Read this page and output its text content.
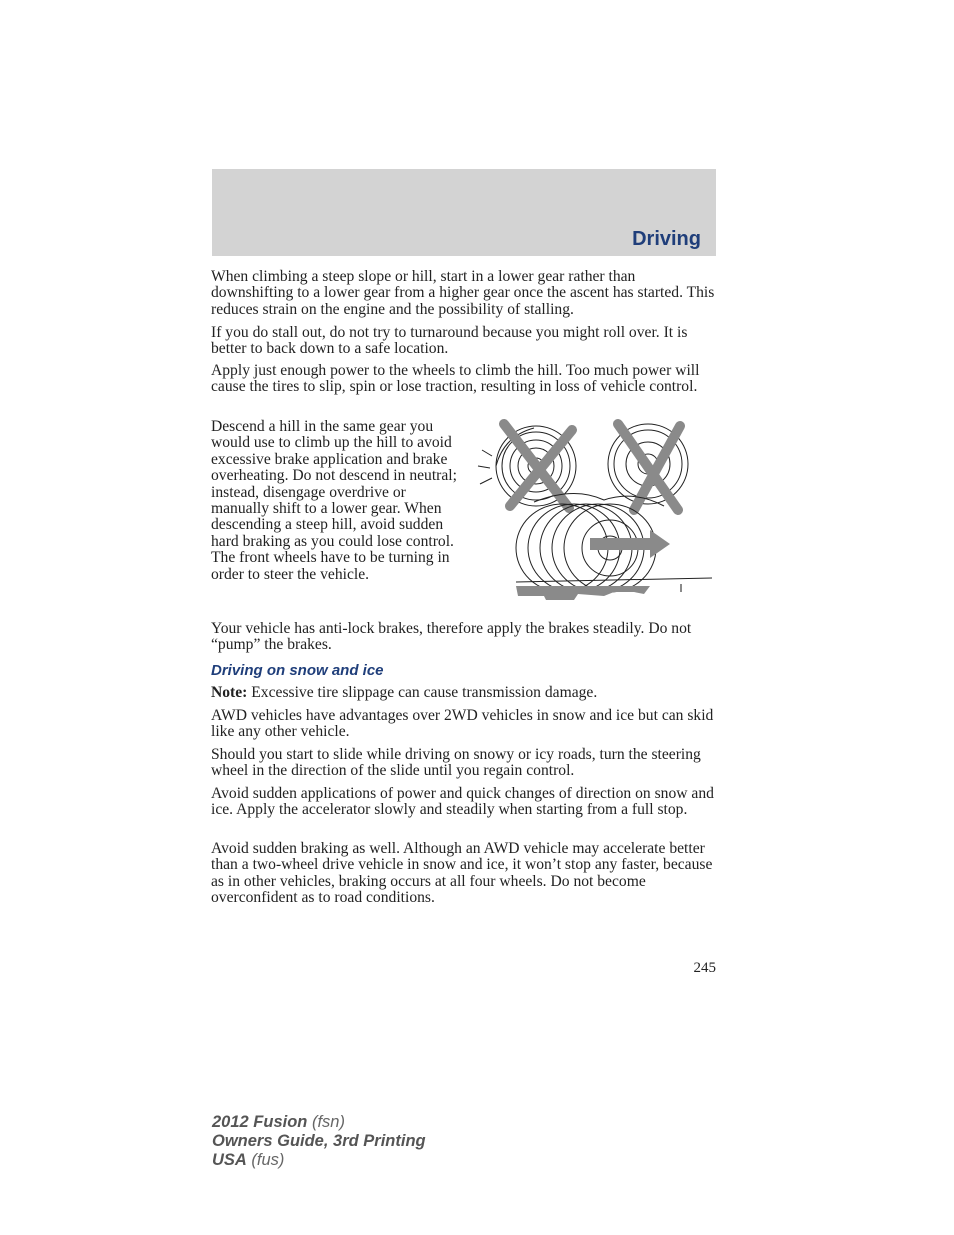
Driving

When climbing a steep slope or hill, start in a lower gear rather than downshifting to a lower gear from a higher gear once the ascent has started. This reduces strain on the engine and the possibility of stalling.

If you do stall out, do not try to turnaround because you might roll over. It is better to back down to a safe location.

Apply just enough power to the wheels to climb the hill. Too much power will cause the tires to slip, spin or lose traction, resulting in loss of vehicle control.

Descend a hill in the same gear you would use to climb up the hill to avoid excessive brake application and brake overheating. Do not descend in neutral; instead, disengage overdrive or manually shift to a lower gear. When descending a steep hill, avoid sudden hard braking as you could lose control. The front wheels have to be turning in order to steer the vehicle.

Your vehicle has anti-lock brakes, therefore apply the brakes steadily. Do not “pump” the brakes.

Driving on snow and ice

Note: Excessive tire slippage can cause transmission damage.

AWD vehicles have advantages over 2WD vehicles in snow and ice but can skid like any other vehicle.

Should you start to slide while driving on snowy or icy roads, turn the steering wheel in the direction of the slide until you regain control.

Avoid sudden applications of power and quick changes of direction on snow and ice. Apply the accelerator slowly and steadily when starting from a full stop.

Avoid sudden braking as well. Although an AWD vehicle may accelerate better than a two-wheel drive vehicle in snow and ice, it won’t stop any faster, because as in other vehicles, braking occurs at all four wheels. Do not become overconfident as to road conditions.

245
2012 Fusion (fsn)
Owners Guide, 3rd Printing
USA (fus)
